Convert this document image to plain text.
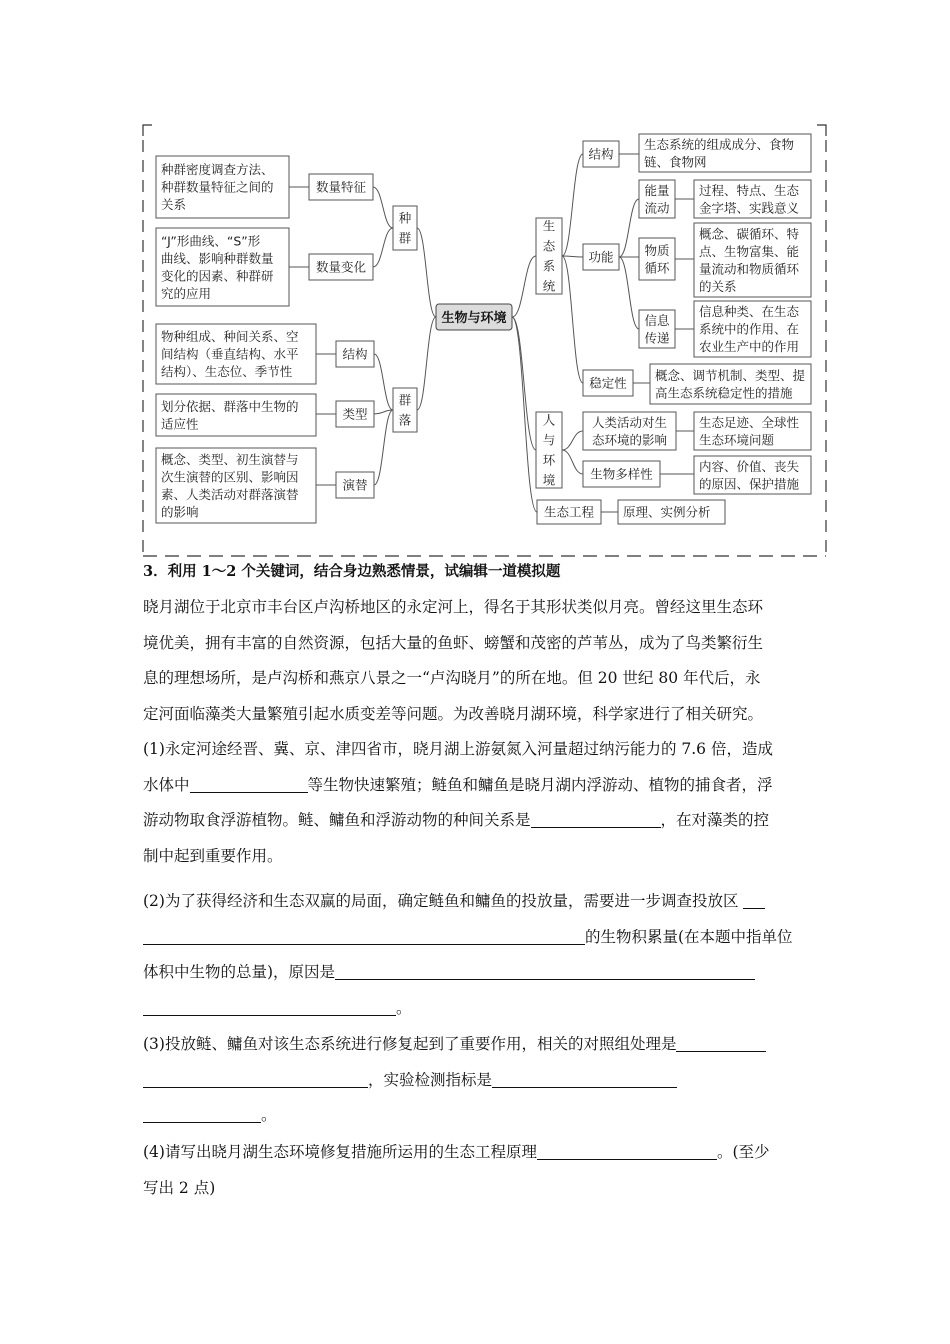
生物与环境
种群
数量特征
数量变化
种群密度调查方法、种群数量特征之间的关系
“J”形曲线、“S”形曲线、影响种群数量变化的因素、种群研究的应用
群落
结构
类型
演替
物种组成、种间关系、空间结构（垂直结构、水平结构）、生态位、季节性
划分依据、群落中生物的适应性
概念、类型、初生演替与次生演替的区别、影响因素、人类活动对群落演替的影响
生态系统
结构
功能
稳定性
生态系统的组成成分、食物链、食物网
能量流动
物质循环
信息传递
过程、特点、生态金字塔、实践意义
概念、碳循环、特点、生物富集、能量流动和物质循环的关系
信息种类、在生态系统中的作用、在农业生产中的作用
概念、调节机制、类型、提高生态系统稳定性的措施
人与环境
人类活动对生态环境的影响
生物多样性
生态足迹、全球性生态环境问题
内容、价值、丧失的原因、保护措施
生态工程 原理、实例分析
3．利用 1～2 个关键词，结合身边熟悉情景，试编辑一道模拟题
晓月湖位于北京市丰台区卢沟桥地区的永定河上，得名于其形状类似月亮。曾经这里生态环
境优美，拥有丰富的自然资源，包括大量的鱼虾、螃蟹和茂密的芦苇丛，成为了鸟类繁衍生
息的理想场所，是卢沟桥和燕京八景之一“卢沟晓月”的所在地。但 20 世纪 80 年代后，永
定河面临藻类大量繁殖引起水质变差等问题。为改善晓月湖环境，科学家进行了相关研究。
(1)永定河途经晋、冀、京、津四省市，晓月湖上游氨氮入河量超过纳污能力的 7.6 倍，造成
水体中	等生物快速繁殖；鲢鱼和鳙鱼是晓月湖内浮游动、植物的捕食者，浮
游动物取食浮游植物。鲢、鳙鱼和浮游动物的种间关系是	，在对藻类的控
制中起到重要作用。
(2)为了获得经济和生态双赢的局面，确定鲢鱼和鳙鱼的投放量，需要进一步调查投放区
的生物积累量(在本题中指单位
体积中生物的总量)，原因是
。
(3)投放鲢、鳙鱼对该生态系统进行修复起到了重要作用，相关的对照组处理是
，实验检测指标是
。
(4)请写出晓月湖生态环境修复措施所运用的生态工程原理	。(至少
写出 2 点)
